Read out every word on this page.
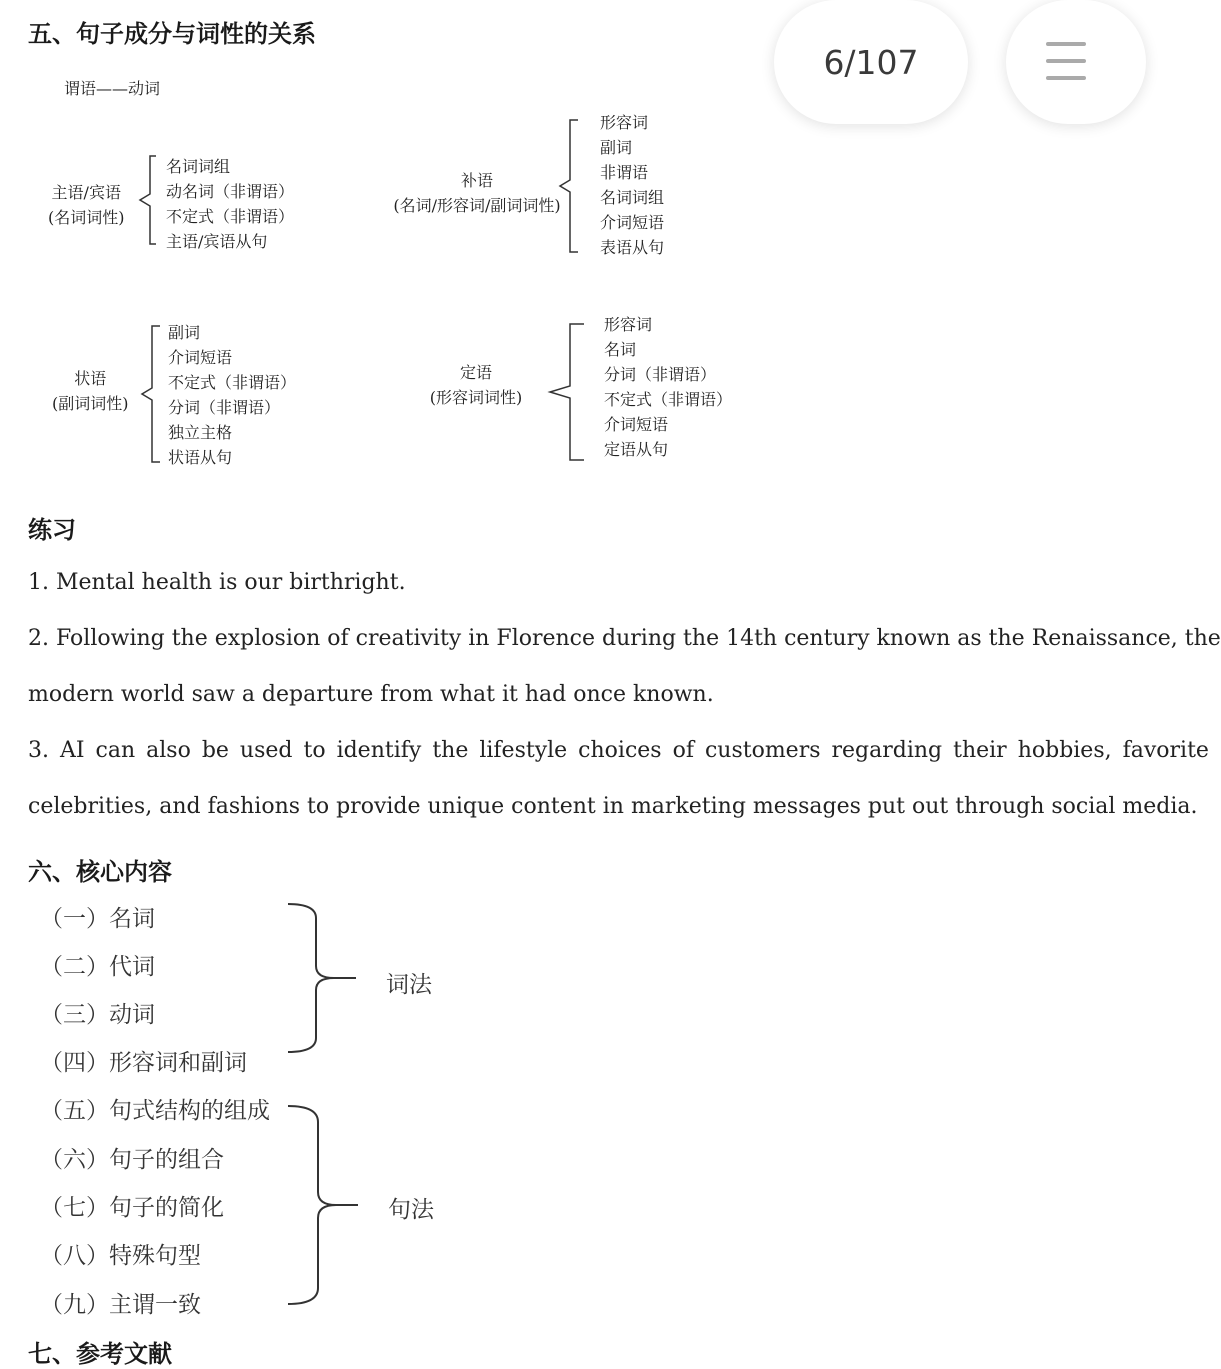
五、句子成分与词性的关系
6/107
谓语——动词
主语/宾语
(名词词性)
名词词组
动名词（非谓语）
不定式（非谓语）
主语/宾语从句
补语
(名词/形容词/副词词性)
形容词
副词
非谓语
名词词组
介词短语
表语从句
状语
(副词词性)
副词
介词短语
不定式（非谓语）
分词（非谓语）
独立主格
状语从句
定语
(形容词词性)
形容词
名词
分词（非谓语）
不定式（非谓语）
介词短语
定语从句
练习
1. Mental health is our birthright.
2. Following the explosion of creativity in Florence during the 14th century known as the Renaissance, the
modern world saw a departure from what it had once known.
3. AI can also be used to identify the lifestyle choices of customers regarding their hobbies, favorite
celebrities, and fashions to provide unique content in marketing messages put out through social media.
六、核心内容
（一）名词
（二）代词
（三）动词
（四）形容词和副词
词法
（五）句式结构的组成
（六）句子的组合
（七）句子的简化
（八）特殊句型
（九）主谓一致
句法
七、参考文献
